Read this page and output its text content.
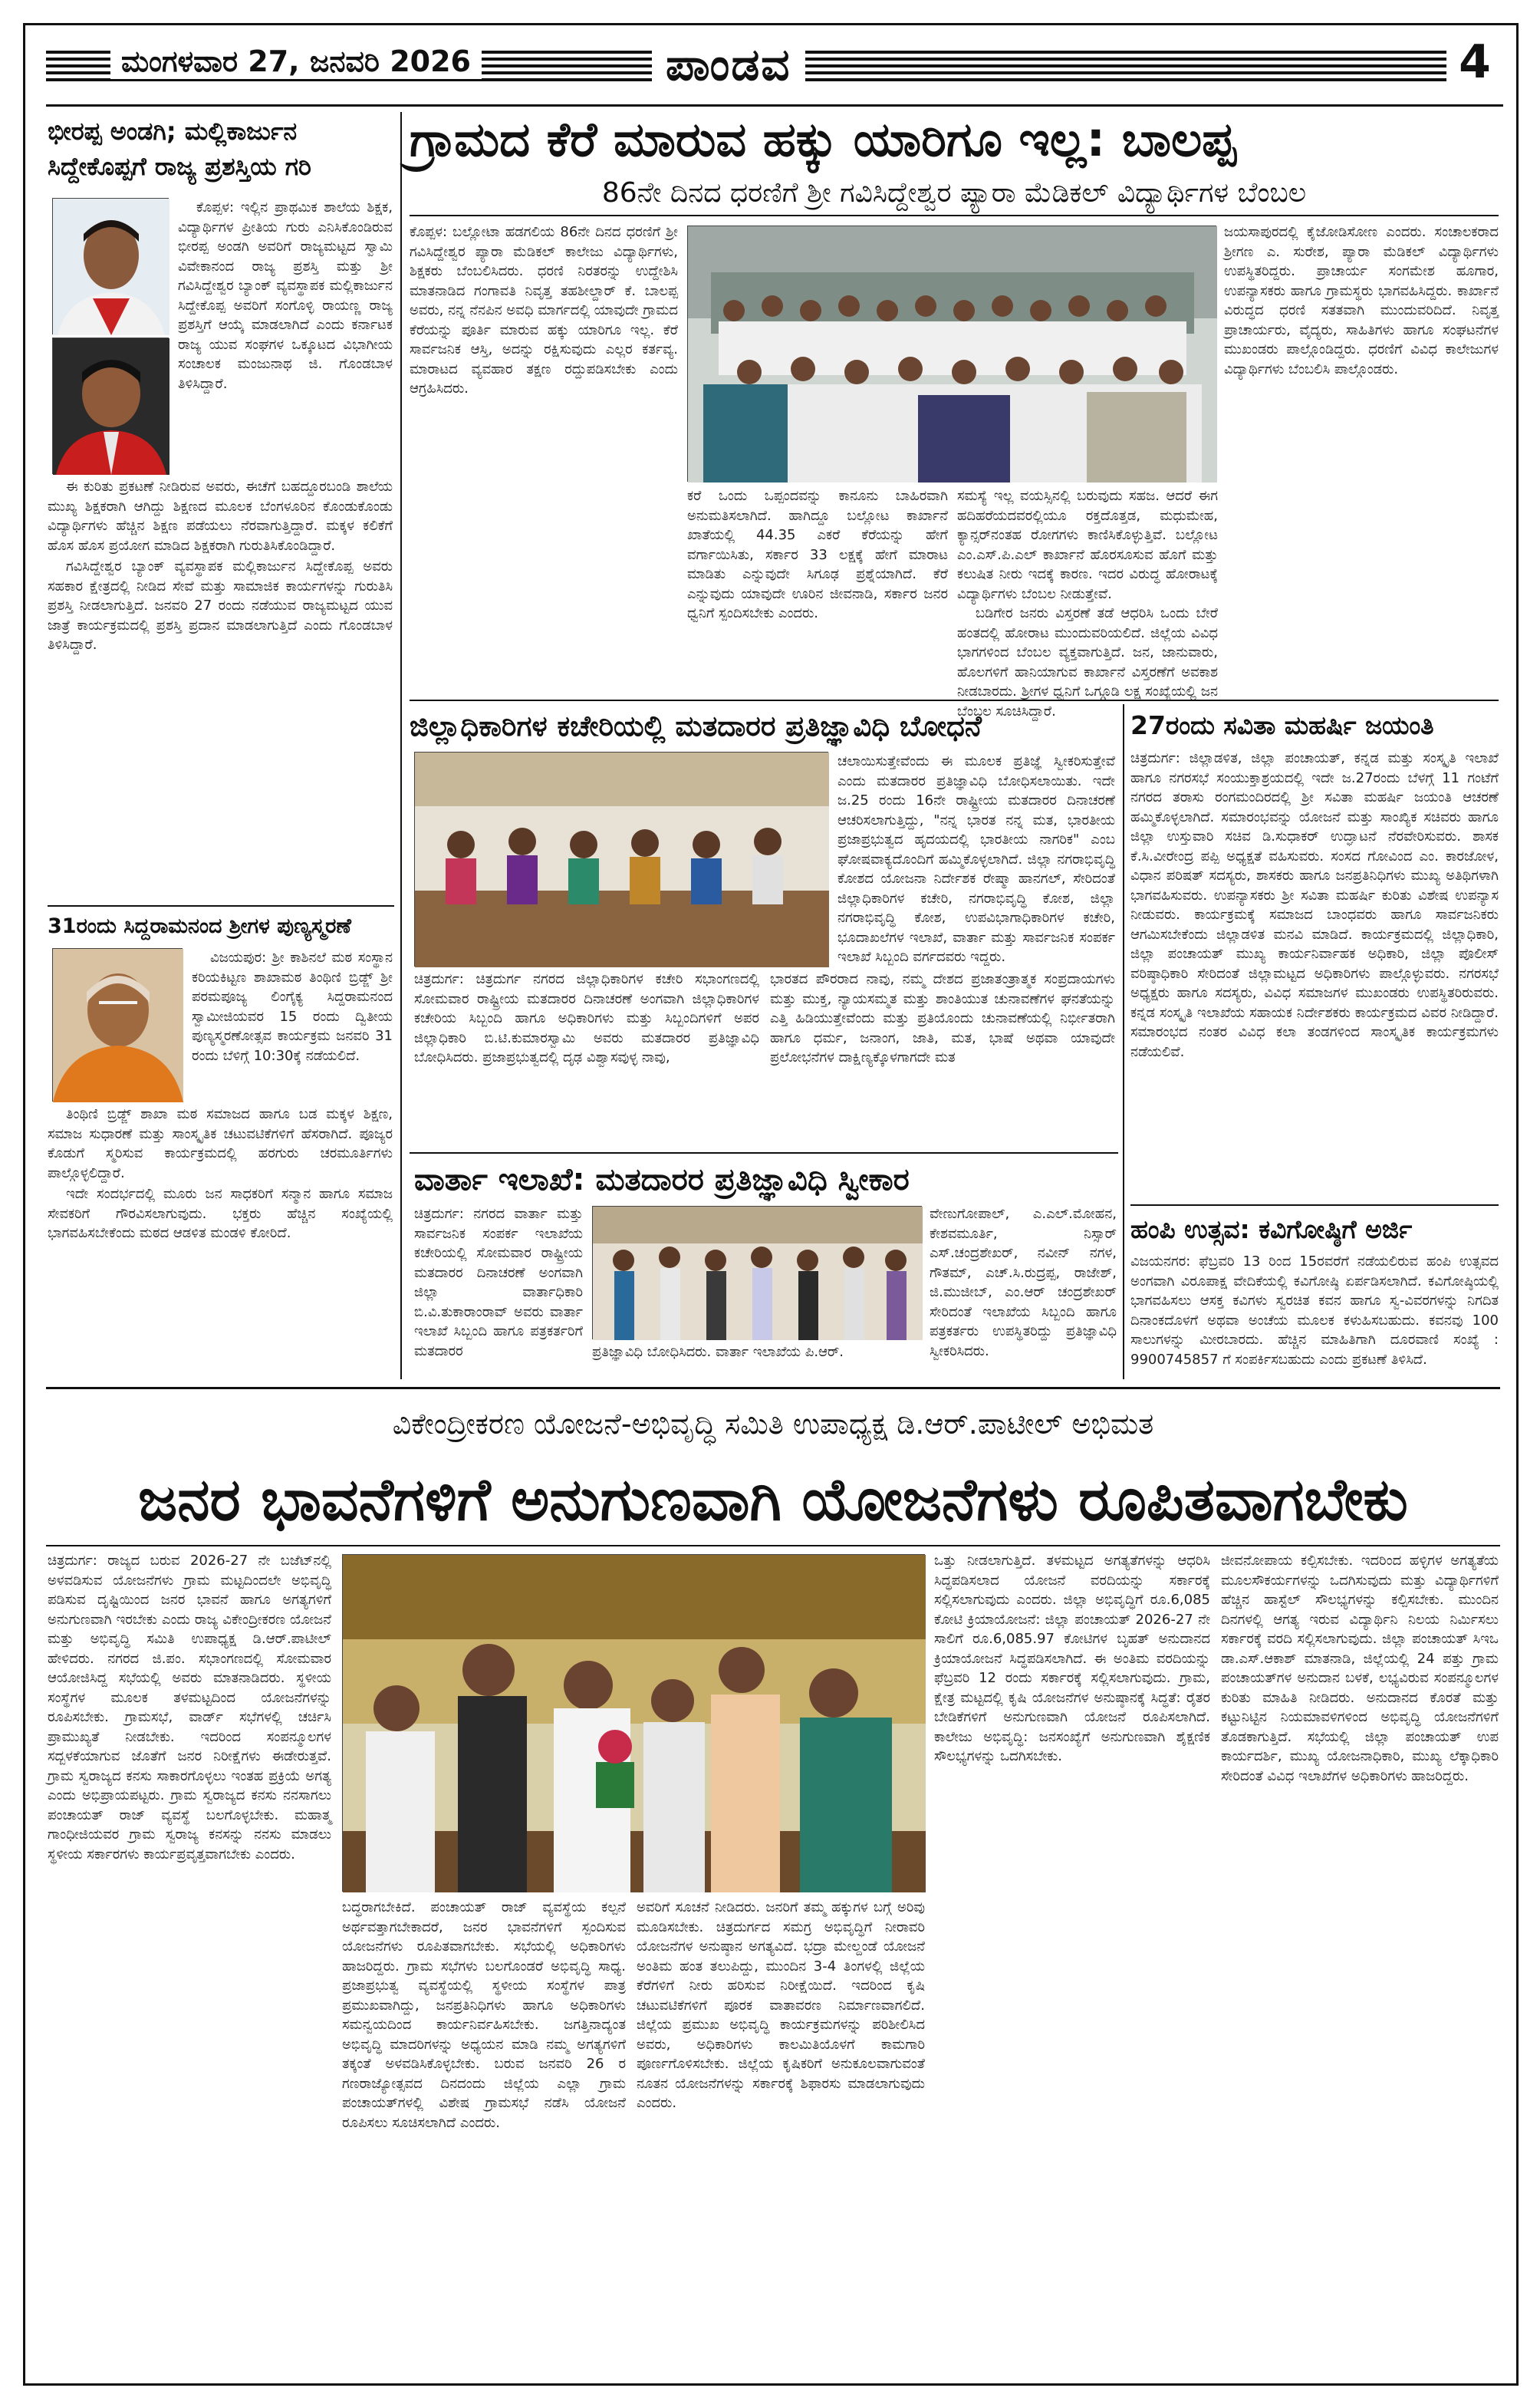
ಮಂಗಳವಾರ 27, ಜನವರಿ 2026	ಪಾಂಡವ	4
ಭೀರಪ್ಪ ಅಂಡಗಿ; ಮಲ್ಲಿಕಾರ್ಜುನ
ಸಿದ್ದೇಕೊಪ್ಪಗೆ ರಾಜ್ಯ ಪ್ರಶಸ್ತಿಯ ಗರಿ

ಕೊಪ್ಪಳ: ಇಲ್ಲಿನ ಪ್ರಾಥಮಿಕ ಶಾಲೆಯ ಶಿಕ್ಷಕ, ವಿದ್ಯಾರ್ಥಿಗಳ ಪ್ರೀತಿಯ ಗುರು ಎನಿಸಿಕೊಂಡಿರುವ ಭೀರಪ್ಪ ಅಂಡಗಿ ಅವರಿಗೆ ರಾಜ್ಯಮಟ್ಟದ ಸ್ವಾಮಿ ವಿವೇಕಾನಂದ ರಾಜ್ಯ ಪ್ರಶಸ್ತಿ ಮತ್ತು ಶ್ರೀ ಗವಿಸಿದ್ದೇಶ್ವರ ಬ್ಯಾಂಕ್ ವ್ಯವಸ್ಥಾಪಕ ಮಲ್ಲಿಕಾರ್ಜುನ ಸಿದ್ದೇಕೊಪ್ಪ ಅವರಿಗೆ ಸಂಗೊಳ್ಳಿ ರಾಯಣ್ಣ ರಾಜ್ಯ ಪ್ರಶಸ್ತಿಗೆ ಆಯ್ಕೆ ಮಾಡಲಾಗಿದೆ ಎಂದು ಕರ್ನಾಟಕ ರಾಜ್ಯ ಯುವ ಸಂಘಗಳ ಒಕ್ಕೂಟದ ವಿಭಾಗೀಯ ಸಂಚಾಲಕ ಮಂಜುನಾಥ ಜಿ. ಗೊಂಡಬಾಳ ತಿಳಿಸಿದ್ದಾರೆ.

ಈ ಕುರಿತು ಪ್ರಕಟಣೆ ನೀಡಿರುವ ಅವರು, ಈಚೆಗೆ ಬಹದ್ದೂರಬಂಡಿ ಶಾಲೆಯ ಮುಖ್ಯ ಶಿಕ್ಷಕರಾಗಿ ಆಗಿದ್ದು ಶಿಕ್ಷಣದ ಮೂಲಕ ಬೆಂಗಳೂರಿನ ಕೊಂಡುಕೊಂಡು ವಿದ್ಯಾರ್ಥಿಗಳು ಹೆಚ್ಚಿನ ಶಿಕ್ಷಣ ಪಡೆಯಲು ನೆರವಾಗುತ್ತಿದ್ದಾರೆ. ಮಕ್ಕಳ ಕಲಿಕೆಗೆ ಹೊಸ ಹೊಸ ಪ್ರಯೋಗ ಮಾಡಿದ ಶಿಕ್ಷಕರಾಗಿ ಗುರುತಿಸಿಕೊಂಡಿದ್ದಾರೆ.

ಗವಿಸಿದ್ದೇಶ್ವರ ಬ್ಯಾಂಕ್ ವ್ಯವಸ್ಥಾಪಕ ಮಲ್ಲಿಕಾರ್ಜುನ ಸಿದ್ದೇಕೊಪ್ಪ ಅವರು ಸಹಕಾರ ಕ್ಷೇತ್ರದಲ್ಲಿ ನೀಡಿದ ಸೇವೆ ಮತ್ತು ಸಾಮಾಜಿಕ ಕಾರ್ಯಗಳನ್ನು ಗುರುತಿಸಿ ಪ್ರಶಸ್ತಿ ನೀಡಲಾಗುತ್ತಿದೆ. ಜನವರಿ 27 ರಂದು ನಡೆಯುವ ರಾಜ್ಯಮಟ್ಟದ ಯುವ ಜಾತ್ರೆ ಕಾರ್ಯಕ್ರಮದಲ್ಲಿ ಪ್ರಶಸ್ತಿ ಪ್ರದಾನ ಮಾಡಲಾಗುತ್ತಿದೆ ಎಂದು ಗೊಂಡಬಾಳ ತಿಳಿಸಿದ್ದಾರೆ.

31ರಂದು ಸಿದ್ದರಾಮನಂದ ಶ್ರೀಗಳ ಪುಣ್ಯಸ್ಮರಣೆ

ವಿಜಯಪುರ: ಶ್ರೀ ಕಾಶಿನಲೆ ಮಠ ಸಂಸ್ಥಾನ ಕರಿಯಕಿಟ್ಟಣ ಶಾಖಾಮಠ ತಿಂಥಿಣಿ ಬ್ರಿಡ್ಜ್ ಶ್ರೀ ಪರಮಪೂಜ್ಯ ಲಿಂಗೈಕ್ಯ ಸಿದ್ದರಾಮನಂದ ಸ್ವಾಮೀಜಿಯವರ 15 ರಂದು ದ್ವಿತೀಯ ಪುಣ್ಯಸ್ಮರಣೋತ್ಸವ ಕಾರ್ಯಕ್ರಮ ಜನವರಿ 31 ರಂದು ಬೆಳಿಗ್ಗೆ 10:30ಕ್ಕೆ ನಡೆಯಲಿದೆ.

ತಿಂಥಿಣಿ ಬ್ರಿಡ್ಜ್ ಶಾಖಾ ಮಠ ಸಮಾಜದ ಹಾಗೂ ಬಡ ಮಕ್ಕಳ ಶಿಕ್ಷಣ, ಸಮಾಜ ಸುಧಾರಣೆ ಮತ್ತು ಸಾಂಸ್ಕೃತಿಕ ಚಟುವಟಿಕೆಗಳಿಗೆ ಹೆಸರಾಗಿದೆ. ಪೂಜ್ಯರ ಕೊಡುಗೆ ಸ್ಮರಿಸುವ ಕಾರ್ಯಕ್ರಮದಲ್ಲಿ ಹರಗುರು ಚರಮೂರ್ತಿಗಳು ಪಾಲ್ಗೊಳ್ಳಲಿದ್ದಾರೆ.

ಇದೇ ಸಂದರ್ಭದಲ್ಲಿ ಮೂರು ಜನ ಸಾಧಕರಿಗೆ ಸನ್ಮಾನ ಹಾಗೂ ಸಮಾಜ ಸೇವಕರಿಗೆ ಗೌರವಿಸಲಾಗುವುದು. ಭಕ್ತರು ಹೆಚ್ಚಿನ ಸಂಖ್ಯೆಯಲ್ಲಿ ಭಾಗವಹಿಸಬೇಕೆಂದು ಮಠದ ಆಡಳಿತ ಮಂಡಳಿ ಕೋರಿದೆ.

ಗ್ರಾಮದ ಕೆರೆ ಮಾರುವ ಹಕ್ಕು ಯಾರಿಗೂ ಇಲ್ಲ: ಬಾಲಪ್ಪ
86ನೇ ದಿನದ ಧರಣಿಗೆ ಶ್ರೀ ಗವಿಸಿದ್ದೇಶ್ವರ ಪ್ಯಾರಾ ಮೆಡಿಕಲ್ ವಿದ್ಯಾರ್ಥಿಗಳ ಬೆಂಬಲ
ಕೊಪ್ಪಳ: ಬಲ್ಲೋಟಾ ಹಡಗಲಿಯ 86ನೇ ದಿನದ ಧರಣಿಗೆ ಶ್ರೀ ಗವಿಸಿದ್ದೇಶ್ವರ ಪ್ಯಾರಾ ಮೆಡಿಕಲ್ ಕಾಲೇಜು ವಿದ್ಯಾರ್ಥಿಗಳು, ಶಿಕ್ಷಕರು ಬೆಂಬಲಿಸಿದರು. ಧರಣಿ ನಿರತರನ್ನು ಉದ್ದೇಶಿಸಿ ಮಾತನಾಡಿದ ಗಂಗಾವತಿ ನಿವೃತ್ತ ತಹಶೀಲ್ದಾರ್ ಕೆ. ಬಾಲಪ್ಪ ಅವರು, ನನ್ನ ನೆನಪಿನ ಅವಧಿ ಮಾರ್ಗದಲ್ಲಿ ಯಾವುದೇ ಗ್ರಾಮದ ಕೆರೆಯನ್ನು ಪೂರ್ತಿ ಮಾರುವ ಹಕ್ಕು ಯಾರಿಗೂ ಇಲ್ಲ. ಕೆರೆ ಸಾರ್ವಜನಿಕ ಆಸ್ತಿ, ಅದನ್ನು ರಕ್ಷಿಸುವುದು ಎಲ್ಲರ ಕರ್ತವ್ಯ. ಮಾರಾಟದ ವ್ಯವಹಾರ ತಕ್ಷಣ ರದ್ದುಪಡಿಸಬೇಕು ಎಂದು ಆಗ್ರಹಿಸಿದರು.
ಕರೆ ಒಂದು ಒಪ್ಪಂದವನ್ನು ಕಾನೂನು ಬಾಹಿರವಾಗಿ ಅನುಮತಿಸಲಾಗಿದೆ. ಹಾಗಿದ್ದೂ ಬಲ್ಲೋಟ ಕಾರ್ಖಾನೆ ಖಾತೆಯಲ್ಲಿ 44.35 ಎಕರೆ ಕೆರೆಯನ್ನು ಹೇಗೆ ವರ್ಗಾಯಿಸಿತು, ಸರ್ಕಾರ 33 ಲಕ್ಷಕ್ಕೆ ಹೇಗೆ ಮಾರಾಟ ಮಾಡಿತು ಎನ್ನುವುದೇ ಸಿಗೂಢ ಪ್ರಶ್ನೆಯಾಗಿದೆ. ಕೆರೆ ಎನ್ನುವುದು ಯಾವುದೇ ಊರಿನ ಜೀವನಾಡಿ, ಸರ್ಕಾರ ಜನರ ಧ್ವನಿಗೆ ಸ್ಪಂದಿಸಬೇಕು ಎಂದರು.
ಸಮಸ್ಯೆ ಇಲ್ಲ ವಯಸ್ಸಿನಲ್ಲಿ ಬರುವುದು ಸಹಜ. ಆದರೆ ಈಗ ಹದಿಹರೆಯದವರಲ್ಲಿಯೂ ರಕ್ತದೊತ್ತಡ, ಮಧುಮೇಹ, ಕ್ಯಾನ್ಸರ್‌ನಂತಹ ರೋಗಗಳು ಕಾಣಿಸಿಕೊಳ್ಳುತ್ತಿವೆ. ಬಲ್ಲೋಟ ಎಂ.ಎಸ್.ಪಿ.ಎಲ್ ಕಾರ್ಖಾನೆ ಹೊರಸೂಸುವ ಹೊಗೆ ಮತ್ತು ಕಲುಷಿತ ನೀರು ಇದಕ್ಕೆ ಕಾರಣ. ಇದರ ವಿರುದ್ಧ ಹೋರಾಟಕ್ಕೆ ವಿದ್ಯಾರ್ಥಿಗಳು ಬೆಂಬಲ ನೀಡುತ್ತೇವೆ.

ಬಡಿಗೇರ ಜನರು ವಿಸ್ತರಣೆ ತಡೆ ಆಧರಿಸಿ ಒಂದು ಬೇರೆ ಹಂತದಲ್ಲಿ ಹೋರಾಟ ಮುಂದುವರಿಯಲಿದೆ. ಜಿಲ್ಲೆಯ ವಿವಿಧ ಭಾಗಗಳಿಂದ ಬೆಂಬಲ ವ್ಯಕ್ತವಾಗುತ್ತಿದೆ. ಜನ, ಜಾನುವಾರು, ಹೊಲಗಳಿಗೆ ಹಾನಿಯಾಗುವ ಕಾರ್ಖಾನೆ ವಿಸ್ತರಣೆಗೆ ಅವಕಾಶ ನೀಡಬಾರದು. ಶ್ರೀಗಳ ಧ್ವನಿಗೆ ಒಗ್ಗೂಡಿ ಲಕ್ಷ ಸಂಖ್ಯೆಯಲ್ಲಿ ಜನ ಬೆಂಬಲ ಸೂಚಿಸಿದ್ದಾರೆ.

ಜಯಸಾಪುರದಲ್ಲಿ ಕೈಜೋಡಿಸೋಣ ಎಂದರು. ಸಂಚಾಲಕರಾದ ಶ್ರೀಗಣ ಎ. ಸುರೇಶ, ಪ್ಯಾರಾ ಮೆಡಿಕಲ್ ವಿದ್ಯಾರ್ಥಿಗಳು ಉಪಸ್ಥಿತರಿದ್ದರು. ಪ್ರಾಚಾರ್ಯ ಸಂಗಮೇಶ ಹೂಗಾರ, ಉಪನ್ಯಾಸಕರು ಹಾಗೂ ಗ್ರಾಮಸ್ಥರು ಭಾಗವಹಿಸಿದ್ದರು. ಕಾರ್ಖಾನೆ ವಿರುದ್ಧದ ಧರಣಿ ಸತತವಾಗಿ ಮುಂದುವರಿದಿದೆ. ನಿವೃತ್ತ ಪ್ರಾಚಾರ್ಯರು, ವೈದ್ಯರು, ಸಾಹಿತಿಗಳು ಹಾಗೂ ಸಂಘಟನೆಗಳ ಮುಖಂಡರು ಪಾಲ್ಗೊಂಡಿದ್ದರು. ಧರಣಿಗೆ ವಿವಿಧ ಕಾಲೇಜುಗಳ ವಿದ್ಯಾರ್ಥಿಗಳು ಬೆಂಬಲಿಸಿ ಪಾಲ್ಗೊಂಡರು.
ಜಿಲ್ಲಾಧಿಕಾರಿಗಳ ಕಚೇರಿಯಲ್ಲಿ ಮತದಾರರ ಪ್ರತಿಜ್ಞಾವಿಧಿ ಬೋಧನೆ
ಚಲಾಯಿಸುತ್ತೇವೆಂದು ಈ ಮೂಲಕ ಪ್ರತಿಜ್ಞೆ ಸ್ವೀಕರಿಸುತ್ತೇವೆ ಎಂದು ಮತದಾರರ ಪ್ರತಿಜ್ಞಾವಿಧಿ ಬೋಧಿಸಲಾಯಿತು. ಇದೇ ಜ.25 ರಂದು 16ನೇ ರಾಷ್ಟ್ರೀಯ ಮತದಾರರ ದಿನಾಚರಣೆ ಆಚರಿಸಲಾಗುತ್ತಿದ್ದು, "ನನ್ನ ಭಾರತ ನನ್ನ ಮತ, ಭಾರತೀಯ ಪ್ರಜಾಪ್ರಭುತ್ವದ ಹೃದಯದಲ್ಲಿ ಭಾರತೀಯ ನಾಗರಿಕ" ಎಂಬ ಘೋಷವಾಕ್ಯದೊಂದಿಗೆ ಹಮ್ಮಿಕೊಳ್ಳಲಾಗಿದೆ. ಜಿಲ್ಲಾ ನಗರಾಭಿವೃದ್ಧಿ ಕೋಶದ ಯೋಜನಾ ನಿರ್ದೇಶಕ ರೇಷ್ಮಾ ಹಾನಗಲ್, ಸೇರಿದಂತೆ ಜಿಲ್ಲಾಧಿಕಾರಿಗಳ ಕಚೇರಿ, ನಗರಾಭಿವೃದ್ಧಿ ಕೋಶ, ಜಿಲ್ಲಾ ನಗರಾಭಿವೃದ್ಧಿ ಕೋಶ, ಉಪವಿಭಾಗಾಧಿಕಾರಿಗಳ ಕಚೇರಿ, ಭೂದಾಖಲೆಗಳ ಇಲಾಖೆ, ವಾರ್ತಾ ಮತ್ತು ಸಾರ್ವಜನಿಕ ಸಂಪರ್ಕ ಇಲಾಖೆ ಸಿಬ್ಬಂದಿ ವರ್ಗದವರು ಇದ್ದರು.
ಚಿತ್ರದುರ್ಗ: ಚಿತ್ರದುರ್ಗ ನಗರದ ಜಿಲ್ಲಾಧಿಕಾರಿಗಳ ಕಚೇರಿ ಸಭಾಂಗಣದಲ್ಲಿ ಸೋಮವಾರ ರಾಷ್ಟ್ರೀಯ ಮತದಾರರ ದಿನಾಚರಣೆ ಅಂಗವಾಗಿ ಜಿಲ್ಲಾಧಿಕಾರಿಗಳ ಕಚೇರಿಯ ಸಿಬ್ಬಂದಿ ಹಾಗೂ ಅಧಿಕಾರಿಗಳು ಮತ್ತು ಸಿಬ್ಬಂದಿಗಳಿಗೆ ಅಪರ ಜಿಲ್ಲಾಧಿಕಾರಿ ಬಿ.ಟಿ.ಕುಮಾರಸ್ವಾಮಿ ಅವರು ಮತದಾರರ ಪ್ರತಿಜ್ಞಾವಿಧಿ ಬೋಧಿಸಿದರು. ಪ್ರಜಾಪ್ರಭುತ್ವದಲ್ಲಿ ದೃಢ ವಿಶ್ವಾಸವುಳ್ಳ ನಾವು,
ಭಾರತದ ಪೌರರಾದ ನಾವು, ನಮ್ಮ ದೇಶದ ಪ್ರಜಾತಂತ್ರಾತ್ಮಕ ಸಂಪ್ರದಾಯಗಳು ಮತ್ತು ಮುಕ್ತ, ನ್ಯಾಯಸಮ್ಮತ ಮತ್ತು ಶಾಂತಿಯುತ ಚುನಾವಣೆಗಳ ಘನತೆಯನ್ನು ಎತ್ತಿ ಹಿಡಿಯುತ್ತೇವೆಂದು ಮತ್ತು ಪ್ರತಿಯೊಂದು ಚುನಾವಣೆಯಲ್ಲಿ ನಿರ್ಭೀತರಾಗಿ ಹಾಗೂ ಧರ್ಮ, ಜನಾಂಗ, ಜಾತಿ, ಮತ, ಭಾಷೆ ಅಥವಾ ಯಾವುದೇ ಪ್ರಲೋಭನೆಗಳ ದಾಕ್ಷಿಣ್ಯಕ್ಕೊಳಗಾಗದೇ ಮತ
ವಾರ್ತಾ ಇಲಾಖೆ: ಮತದಾರರ ಪ್ರತಿಜ್ಞಾವಿಧಿ ಸ್ವೀಕಾರ
ಚಿತ್ರದುರ್ಗ: ನಗರದ ವಾರ್ತಾ ಮತ್ತು ಸಾರ್ವಜನಿಕ ಸಂಪರ್ಕ ಇಲಾಖೆಯ ಕಚೇರಿಯಲ್ಲಿ ಸೋಮವಾರ ರಾಷ್ಟ್ರೀಯ ಮತದಾರರ ದಿನಾಚರಣೆ ಅಂಗವಾಗಿ ಜಿಲ್ಲಾ ವಾರ್ತಾಧಿಕಾರಿ ಬಿ.ವಿ.ತುಕಾರಾಂರಾವ್ ಅವರು ವಾರ್ತಾ ಇಲಾಖೆ ಸಿಬ್ಬಂದಿ ಹಾಗೂ ಪತ್ರಕರ್ತರಿಗೆ ಮತದಾರರ	ಪ್ರತಿಜ್ಞಾವಿಧಿ ಬೋಧಿಸಿದರು. ವಾರ್ತಾ ಇಲಾಖೆಯ ಪಿ.ಆರ್.
ವೇಣುಗೋಪಾಲ್, ಎ.ಎಲ್.ಮೋಹನ, ಕೇಶವಮೂರ್ತಿ, ನಿಸ್ಸಾರ್ ಎಸ್.ಚಂದ್ರಶೇಖರ್, ನವೀನ್ ನಗಳ, ಗೌತಮ್, ಎಚ್.ಸಿ.ರುದ್ರಪ್ಪ, ರಾಜೇಶ್, ಜಿ.ಮುಜೀಬ್, ಎಂ.ಆರ್ ಚಂದ್ರಶೇಖರ್ ಸೇರಿದಂತೆ ಇಲಾಖೆಯ ಸಿಬ್ಬಂದಿ ಹಾಗೂ ಪತ್ರಕರ್ತರು ಉಪಸ್ಥಿತರಿದ್ದು ಪ್ರತಿಜ್ಞಾವಿಧಿ ಸ್ವೀಕರಿಸಿದರು.
27ರಂದು ಸವಿತಾ ಮಹರ್ಷಿ ಜಯಂತಿ
ಚಿತ್ರದುರ್ಗ: ಜಿಲ್ಲಾಡಳಿತ, ಜಿಲ್ಲಾ ಪಂಚಾಯತ್, ಕನ್ನಡ ಮತ್ತು ಸಂಸ್ಕೃತಿ ಇಲಾಖೆ ಹಾಗೂ ನಗರಸಭೆ ಸಂಯುಕ್ತಾಶ್ರಯದಲ್ಲಿ ಇದೇ ಜ.27ರಂದು ಬೆಳಗ್ಗೆ 11 ಗಂಟೆಗೆ ನಗರದ ತರಾಸು ರಂಗಮಂದಿರದಲ್ಲಿ ಶ್ರೀ ಸವಿತಾ ಮಹರ್ಷಿ ಜಯಂತಿ ಆಚರಣೆ ಹಮ್ಮಿಕೊಳ್ಳಲಾಗಿದೆ. ಸಮಾರಂಭವನ್ನು ಯೋಜನೆ ಮತ್ತು ಸಾಂಖ್ಯಿಕ ಸಚಿವರು ಹಾಗೂ ಜಿಲ್ಲಾ ಉಸ್ತುವಾರಿ ಸಚಿವ ಡಿ.ಸುಧಾಕರ್ ಉದ್ಘಾಟನೆ ನೆರವೇರಿಸುವರು. ಶಾಸಕ ಕೆ.ಸಿ.ವೀರೇಂದ್ರ ಪಪ್ಪಿ ಅಧ್ಯಕ್ಷತೆ ವಹಿಸುವರು. ಸಂಸದ ಗೋವಿಂದ ಎಂ. ಕಾರಜೋಳ, ವಿಧಾನ ಪರಿಷತ್ ಸದಸ್ಯರು, ಶಾಸಕರು ಹಾಗೂ ಜನಪ್ರತಿನಿಧಿಗಳು ಮುಖ್ಯ ಅತಿಥಿಗಳಾಗಿ ಭಾಗವಹಿಸುವರು. ಉಪನ್ಯಾಸಕರು ಶ್ರೀ ಸವಿತಾ ಮಹರ್ಷಿ ಕುರಿತು ವಿಶೇಷ ಉಪನ್ಯಾಸ ನೀಡುವರು. ಕಾರ್ಯಕ್ರಮಕ್ಕೆ ಸಮಾಜದ ಬಾಂಧವರು ಹಾಗೂ ಸಾರ್ವಜನಿಕರು ಆಗಮಿಸಬೇಕೆಂದು ಜಿಲ್ಲಾಡಳಿತ ಮನವಿ ಮಾಡಿದೆ. ಕಾರ್ಯಕ್ರಮದಲ್ಲಿ ಜಿಲ್ಲಾಧಿಕಾರಿ, ಜಿಲ್ಲಾ ಪಂಚಾಯತ್ ಮುಖ್ಯ ಕಾರ್ಯನಿರ್ವಾಹಕ ಅಧಿಕಾರಿ, ಜಿಲ್ಲಾ ಪೊಲೀಸ್ ವರಿಷ್ಠಾಧಿಕಾರಿ ಸೇರಿದಂತೆ ಜಿಲ್ಲಾಮಟ್ಟದ ಅಧಿಕಾರಿಗಳು ಪಾಲ್ಗೊಳ್ಳುವರು. ನಗರಸಭೆ ಅಧ್ಯಕ್ಷರು ಹಾಗೂ ಸದಸ್ಯರು, ವಿವಿಧ ಸಮಾಜಗಳ ಮುಖಂಡರು ಉಪಸ್ಥಿತರಿರುವರು. ಕನ್ನಡ ಸಂಸ್ಕೃತಿ ಇಲಾಖೆಯ ಸಹಾಯಕ ನಿರ್ದೇಶಕರು ಕಾರ್ಯಕ್ರಮದ ವಿವರ ನೀಡಿದ್ದಾರೆ. ಸಮಾರಂಭದ ನಂತರ ವಿವಿಧ ಕಲಾ ತಂಡಗಳಿಂದ ಸಾಂಸ್ಕೃತಿಕ ಕಾರ್ಯಕ್ರಮಗಳು ನಡೆಯಲಿವೆ.
ಹಂಪಿ ಉತ್ಸವ: ಕವಿಗೋಷ್ಠಿಗೆ ಅರ್ಜಿ
ವಿಜಯನಗರ: ಫೆಬ್ರವರಿ 13 ರಿಂದ 15ರವರೆಗೆ ನಡೆಯಲಿರುವ ಹಂಪಿ ಉತ್ಸವದ ಅಂಗವಾಗಿ ವಿರೂಪಾಕ್ಷ ವೇದಿಕೆಯಲ್ಲಿ ಕವಿಗೋಷ್ಠಿ ಏರ್ಪಡಿಸಲಾಗಿದೆ. ಕವಿಗೋಷ್ಠಿಯಲ್ಲಿ ಭಾಗವಹಿಸಲು ಆಸಕ್ತ ಕವಿಗಳು ಸ್ವರಚಿತ ಕವನ ಹಾಗೂ ಸ್ವ-ವಿವರಗಳನ್ನು ನಿಗದಿತ ದಿನಾಂಕದೊಳಗೆ ಅಥವಾ ಅಂಚೆಯ ಮೂಲಕ ಕಳುಹಿಸಬಹುದು. ಕವನವು 100 ಸಾಲುಗಳನ್ನು ಮೀರಬಾರದು. ಹೆಚ್ಚಿನ ಮಾಹಿತಿಗಾಗಿ ದೂರವಾಣಿ ಸಂಖ್ಯೆ : 9900745857 ಗೆ ಸಂಪರ್ಕಿಸಬಹುದು ಎಂದು ಪ್ರಕಟಣೆ ತಿಳಿಸಿದೆ.
ವಿಕೇಂದ್ರೀಕರಣ ಯೋಜನೆ-ಅಭಿವೃದ್ಧಿ ಸಮಿತಿ ಉಪಾಧ್ಯಕ್ಷ ಡಿ.ಆರ್.ಪಾಟೀಲ್ ಅಭಿಮತ
ಜನರ ಭಾವನೆಗಳಿಗೆ ಅನುಗುಣವಾಗಿ ಯೋಜನೆಗಳು ರೂಪಿತವಾಗಬೇಕು
ಚಿತ್ರದುರ್ಗ: ರಾಜ್ಯದ ಬರುವ 2026-27 ನೇ ಬಜೆಟ್‌ನಲ್ಲಿ ಅಳವಡಿಸುವ ಯೋಜನೆಗಳು ಗ್ರಾಮ ಮಟ್ಟದಿಂದಲೇ ಅಭಿವೃದ್ಧಿ ಪಡಿಸುವ ದೃಷ್ಟಿಯಿಂದ ಜನರ ಭಾವನೆ ಹಾಗೂ ಅಗತ್ಯಗಳಿಗೆ ಅನುಗುಣವಾಗಿ ಇರಬೇಕು ಎಂದು ರಾಜ್ಯ ವಿಕೇಂದ್ರೀಕರಣ ಯೋಜನೆ ಮತ್ತು ಅಭಿವೃದ್ಧಿ ಸಮಿತಿ ಉಪಾಧ್ಯಕ್ಷ ಡಿ.ಆರ್.ಪಾಟೀಲ್ ಹೇಳಿದರು. ನಗರದ ಜಿ.ಪಂ. ಸಭಾಂಗಣದಲ್ಲಿ ಸೋಮವಾರ ಆಯೋಜಿಸಿದ್ದ ಸಭೆಯಲ್ಲಿ ಅವರು ಮಾತನಾಡಿದರು. ಸ್ಥಳೀಯ ಸಂಸ್ಥೆಗಳ ಮೂಲಕ ತಳಮಟ್ಟದಿಂದ ಯೋಜನೆಗಳನ್ನು ರೂಪಿಸಬೇಕು. ಗ್ರಾಮಸಭೆ, ವಾರ್ಡ್ ಸಭೆಗಳಲ್ಲಿ ಚರ್ಚಿಸಿ ಪ್ರಾಮುಖ್ಯತೆ ನೀಡಬೇಕು. ಇದರಿಂದ ಸಂಪನ್ಮೂಲಗಳ ಸದ್ಬಳಕೆಯಾಗುವ ಜೊತೆಗೆ ಜನರ ನಿರೀಕ್ಷೆಗಳು ಈಡೇರುತ್ತವೆ. ಗ್ರಾಮ ಸ್ವರಾಜ್ಯದ ಕನಸು ಸಾಕಾರಗೊಳ್ಳಲು ಇಂತಹ ಪ್ರಕ್ರಿಯೆ ಅಗತ್ಯ ಎಂದು ಅಭಿಪ್ರಾಯಪಟ್ಟರು. ಗ್ರಾಮ ಸ್ವರಾಜ್ಯದ ಕನಸು ನನಸಾಗಲು ಪಂಚಾಯತ್ ರಾಜ್ ವ್ಯವಸ್ಥೆ ಬಲಗೊಳ್ಳಬೇಕು. ಮಹಾತ್ಮ ಗಾಂಧೀಜಿಯವರ ಗ್ರಾಮ ಸ್ವರಾಜ್ಯ ಕನಸನ್ನು ನನಸು ಮಾಡಲು ಸ್ಥಳೀಯ ಸರ್ಕಾರಗಳು ಕಾರ್ಯಪ್ರವೃತ್ತವಾಗಬೇಕು ಎಂದರು.
ಬದ್ಧರಾಗಬೇಕಿದೆ. ಪಂಚಾಯತ್ ರಾಜ್ ವ್ಯವಸ್ಥೆಯ ಕಲ್ಪನೆ ಅರ್ಥವತ್ತಾಗಬೇಕಾದರೆ, ಜನರ ಭಾವನೆಗಳಿಗೆ ಸ್ಪಂದಿಸುವ ಯೋಜನೆಗಳು ರೂಪಿತವಾಗಬೇಕು. ಸಭೆಯಲ್ಲಿ ಅಧಿಕಾರಿಗಳು ಹಾಜರಿದ್ದರು. ಗ್ರಾಮ ಸಭೆಗಳು ಬಲಗೊಂಡರೆ ಅಭಿವೃದ್ಧಿ ಸಾಧ್ಯ. ಪ್ರಜಾಪ್ರಭುತ್ವ ವ್ಯವಸ್ಥೆಯಲ್ಲಿ ಸ್ಥಳೀಯ ಸಂಸ್ಥೆಗಳ ಪಾತ್ರ ಪ್ರಮುಖವಾಗಿದ್ದು, ಜನಪ್ರತಿನಿಧಿಗಳು ಹಾಗೂ ಅಧಿಕಾರಿಗಳು ಸಮನ್ವಯದಿಂದ ಕಾರ್ಯನಿರ್ವಹಿಸಬೇಕು. ಜಗತ್ತಿನಾದ್ಯಂತ ಅಭಿವೃದ್ಧಿ ಮಾದರಿಗಳನ್ನು ಅಧ್ಯಯನ ಮಾಡಿ ನಮ್ಮ ಅಗತ್ಯಗಳಿಗೆ ತಕ್ಕಂತೆ ಅಳವಡಿಸಿಕೊಳ್ಳಬೇಕು. ಬರುವ ಜನವರಿ 26 ರ ಗಣರಾಜ್ಯೋತ್ಸವದ ದಿನದಂದು ಜಿಲ್ಲೆಯ ಎಲ್ಲಾ ಗ್ರಾಮ ಪಂಚಾಯತ್‌ಗಳಲ್ಲಿ ವಿಶೇಷ ಗ್ರಾಮಸಭೆ ನಡೆಸಿ ಯೋಜನೆ ರೂಪಿಸಲು ಸೂಚಿಸಲಾಗಿದೆ ಎಂದರು.
ಅವರಿಗೆ ಸೂಚನೆ ನೀಡಿದರು. ಜನರಿಗೆ ತಮ್ಮ ಹಕ್ಕುಗಳ ಬಗ್ಗೆ ಅರಿವು ಮೂಡಿಸಬೇಕು. ಚಿತ್ರದುರ್ಗದ ಸಮಗ್ರ ಅಭಿವೃದ್ಧಿಗೆ ನೀರಾವರಿ ಯೋಜನೆಗಳ ಅನುಷ್ಠಾನ ಅಗತ್ಯವಿದೆ. ಭದ್ರಾ ಮೇಲ್ದಂಡೆ ಯೋಜನೆ ಅಂತಿಮ ಹಂತ ತಲುಪಿದ್ದು, ಮುಂದಿನ 3-4 ತಿಂಗಳಲ್ಲಿ ಜಿಲ್ಲೆಯ ಕೆರೆಗಳಿಗೆ ನೀರು ಹರಿಸುವ ನಿರೀಕ್ಷೆಯಿದೆ. ಇದರಿಂದ ಕೃಷಿ ಚಟುವಟಿಕೆಗಳಿಗೆ ಪೂರಕ ವಾತಾವರಣ ನಿರ್ಮಾಣವಾಗಲಿದೆ. ಜಿಲ್ಲೆಯ ಪ್ರಮುಖ ಅಭಿವೃದ್ಧಿ ಕಾರ್ಯಕ್ರಮಗಳನ್ನು ಪರಿಶೀಲಿಸಿದ ಅವರು, ಅಧಿಕಾರಿಗಳು ಕಾಲಮಿತಿಯೊಳಗೆ ಕಾಮಗಾರಿ ಪೂರ್ಣಗೊಳಿಸಬೇಕು. ಜಿಲ್ಲೆಯ ಕೃಷಿಕರಿಗೆ ಅನುಕೂಲವಾಗುವಂತೆ ನೂತನ ಯೋಜನೆಗಳನ್ನು ಸರ್ಕಾರಕ್ಕೆ ಶಿಫಾರಸು ಮಾಡಲಾಗುವುದು ಎಂದರು.
ಒತ್ತು ನೀಡಲಾಗುತ್ತಿದೆ. ತಳಮಟ್ಟದ ಅಗತ್ಯತೆಗಳನ್ನು ಆಧರಿಸಿ ಸಿದ್ಧಪಡಿಸಲಾದ ಯೋಜನೆ ವರದಿಯನ್ನು ಸರ್ಕಾರಕ್ಕೆ ಸಲ್ಲಿಸಲಾಗುವುದು ಎಂದರು. ಜಿಲ್ಲಾ ಅಭಿವೃದ್ಧಿಗೆ ರೂ.6,085 ಕೋಟಿ ಕ್ರಿಯಾಯೋಜನೆ: ಜಿಲ್ಲಾ ಪಂಚಾಯತ್ 2026-27 ನೇ ಸಾಲಿಗೆ ರೂ.6,085.97 ಕೋಟಿಗಳ ಬೃಹತ್ ಅನುದಾನದ ಕ್ರಿಯಾಯೋಜನೆ ಸಿದ್ಧಪಡಿಸಲಾಗಿದೆ. ಈ ಅಂತಿಮ ವರದಿಯನ್ನು ಫೆಬ್ರವರಿ 12 ರಂದು ಸರ್ಕಾರಕ್ಕೆ ಸಲ್ಲಿಸಲಾಗುವುದು. ಗ್ರಾಮ, ಕ್ಷೇತ್ರ ಮಟ್ಟದಲ್ಲಿ ಕೃಷಿ ಯೋಜನೆಗಳ ಅನುಷ್ಠಾನಕ್ಕೆ ಸಿದ್ಧತೆ: ರೈತರ ಬೇಡಿಕೆಗಳಿಗೆ ಅನುಗುಣವಾಗಿ ಯೋಜನೆ ರೂಪಿಸಲಾಗಿದೆ. ಕಾಲೇಜು ಅಭಿವೃದ್ಧಿ: ಜನಸಂಖ್ಯೆಗೆ ಅನುಗುಣವಾಗಿ ಶೈಕ್ಷಣಿಕ ಸೌಲಭ್ಯಗಳನ್ನು ಒದಗಿಸಬೇಕು.
ಜೀವನೋಪಾಯ ಕಲ್ಪಿಸಬೇಕು. ಇದರಿಂದ ಹಳ್ಳಿಗಳ ಅಗತ್ಯತೆಯ ಮೂಲಸೌಕರ್ಯಗಳನ್ನು ಒದಗಿಸುವುದು ಮತ್ತು ವಿದ್ಯಾರ್ಥಿಗಳಿಗೆ ಹೆಚ್ಚಿನ ಹಾಸ್ಟೆಲ್ ಸೌಲಭ್ಯಗಳನ್ನು ಕಲ್ಪಿಸಬೇಕು. ಮುಂದಿನ ದಿನಗಳಲ್ಲಿ ಆಗತ್ಯ ಇರುವ ವಿದ್ಯಾರ್ಥಿನಿ ನಿಲಯ ನಿರ್ಮಿಸಲು ಸರ್ಕಾರಕ್ಕೆ ವರದಿ ಸಲ್ಲಿಸಲಾಗುವುದು. ಜಿಲ್ಲಾ ಪಂಚಾಯತ್ ಸಿಇಒ ಡಾ.ಎಸ್.ಆಕಾಶ್ ಮಾತನಾಡಿ, ಜಿಲ್ಲೆಯಲ್ಲಿ 24 ಪತ್ತು ಗ್ರಾಮ ಪಂಚಾಯತ್‌ಗಳ ಅನುದಾನ ಬಳಕೆ, ಲಭ್ಯವಿರುವ ಸಂಪನ್ಮೂಲಗಳ ಕುರಿತು ಮಾಹಿತಿ ನೀಡಿದರು. ಅನುದಾನದ ಕೊರತೆ ಮತ್ತು ಕಟ್ಟುನಿಟ್ಟಿನ ನಿಯಮಾವಳಿಗಳಿಂದ ಅಭಿವೃದ್ಧಿ ಯೋಜನೆಗಳಿಗೆ ತೊಡಕಾಗುತ್ತಿದೆ. ಸಭೆಯಲ್ಲಿ ಜಿಲ್ಲಾ ಪಂಚಾಯತ್ ಉಪ ಕಾರ್ಯದರ್ಶಿ, ಮುಖ್ಯ ಯೋಜನಾಧಿಕಾರಿ, ಮುಖ್ಯ ಲೆಕ್ಕಾಧಿಕಾರಿ ಸೇರಿದಂತೆ ವಿವಿಧ ಇಲಾಖೆಗಳ ಅಧಿಕಾರಿಗಳು ಹಾಜರಿದ್ದರು.
